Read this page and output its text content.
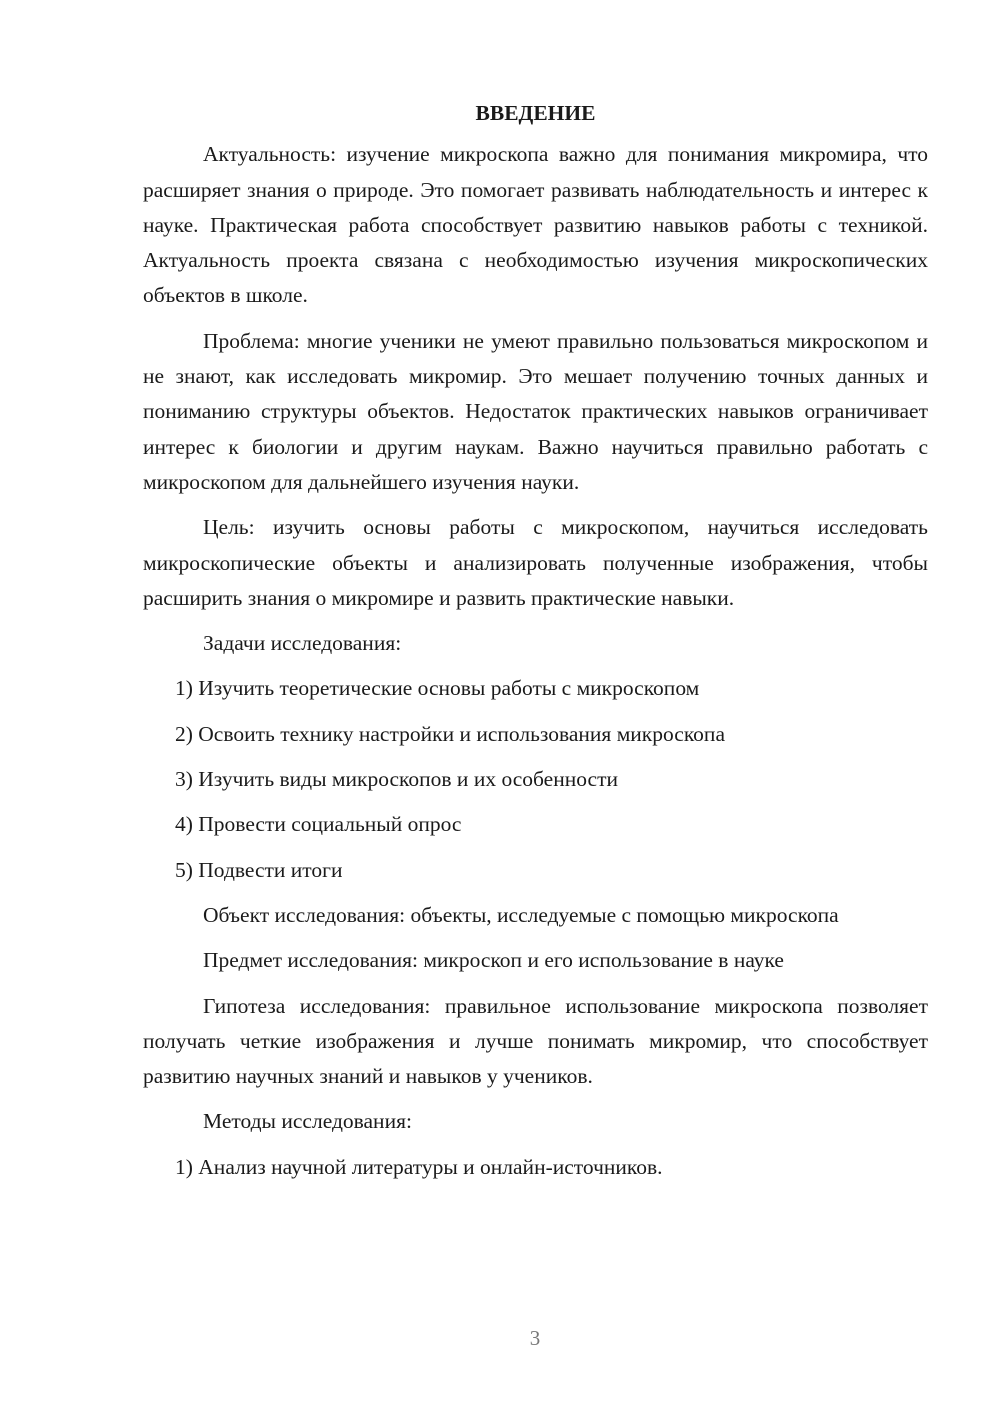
ВВЕДЕНИЕ

Актуальность: изучение микроскопа важно для понимания микромира, что расширяет знания о природе. Это помогает развивать наблюдательность и интерес к науке. Практическая работа способствует развитию навыков работы с техникой. Актуальность проекта связана с необходимостью изучения микроскопических объектов в школе.

Проблема: многие ученики не умеют правильно пользоваться микроскопом и не знают, как исследовать микромир. Это мешает получению точных данных и пониманию структуры объектов. Недостаток практических навыков ограничивает интерес к биологии и другим наукам. Важно научиться правильно работать с микроскопом для дальнейшего изучения науки.

Цель: изучить основы работы с микроскопом, научиться исследовать микроскопические объекты и анализировать полученные изображения, чтобы расширить знания о микромире и развить практические навыки.

Задачи исследования:

1) Изучить теоретические основы работы с микроскопом

2) Освоить технику настройки и использования микроскопа

3) Изучить виды микроскопов и их особенности

4) Провести социальный опрос

5) Подвести итоги

Объект исследования: объекты, исследуемые с помощью микроскопа

Предмет исследования: микроскоп и его использование в науке

Гипотеза исследования: правильное использование микроскопа позволяет получать четкие изображения и лучше понимать микромир, что способствует развитию научных знаний и навыков у учеников.

Методы исследования:

1) Анализ научной литературы и онлайн-источников.

3
